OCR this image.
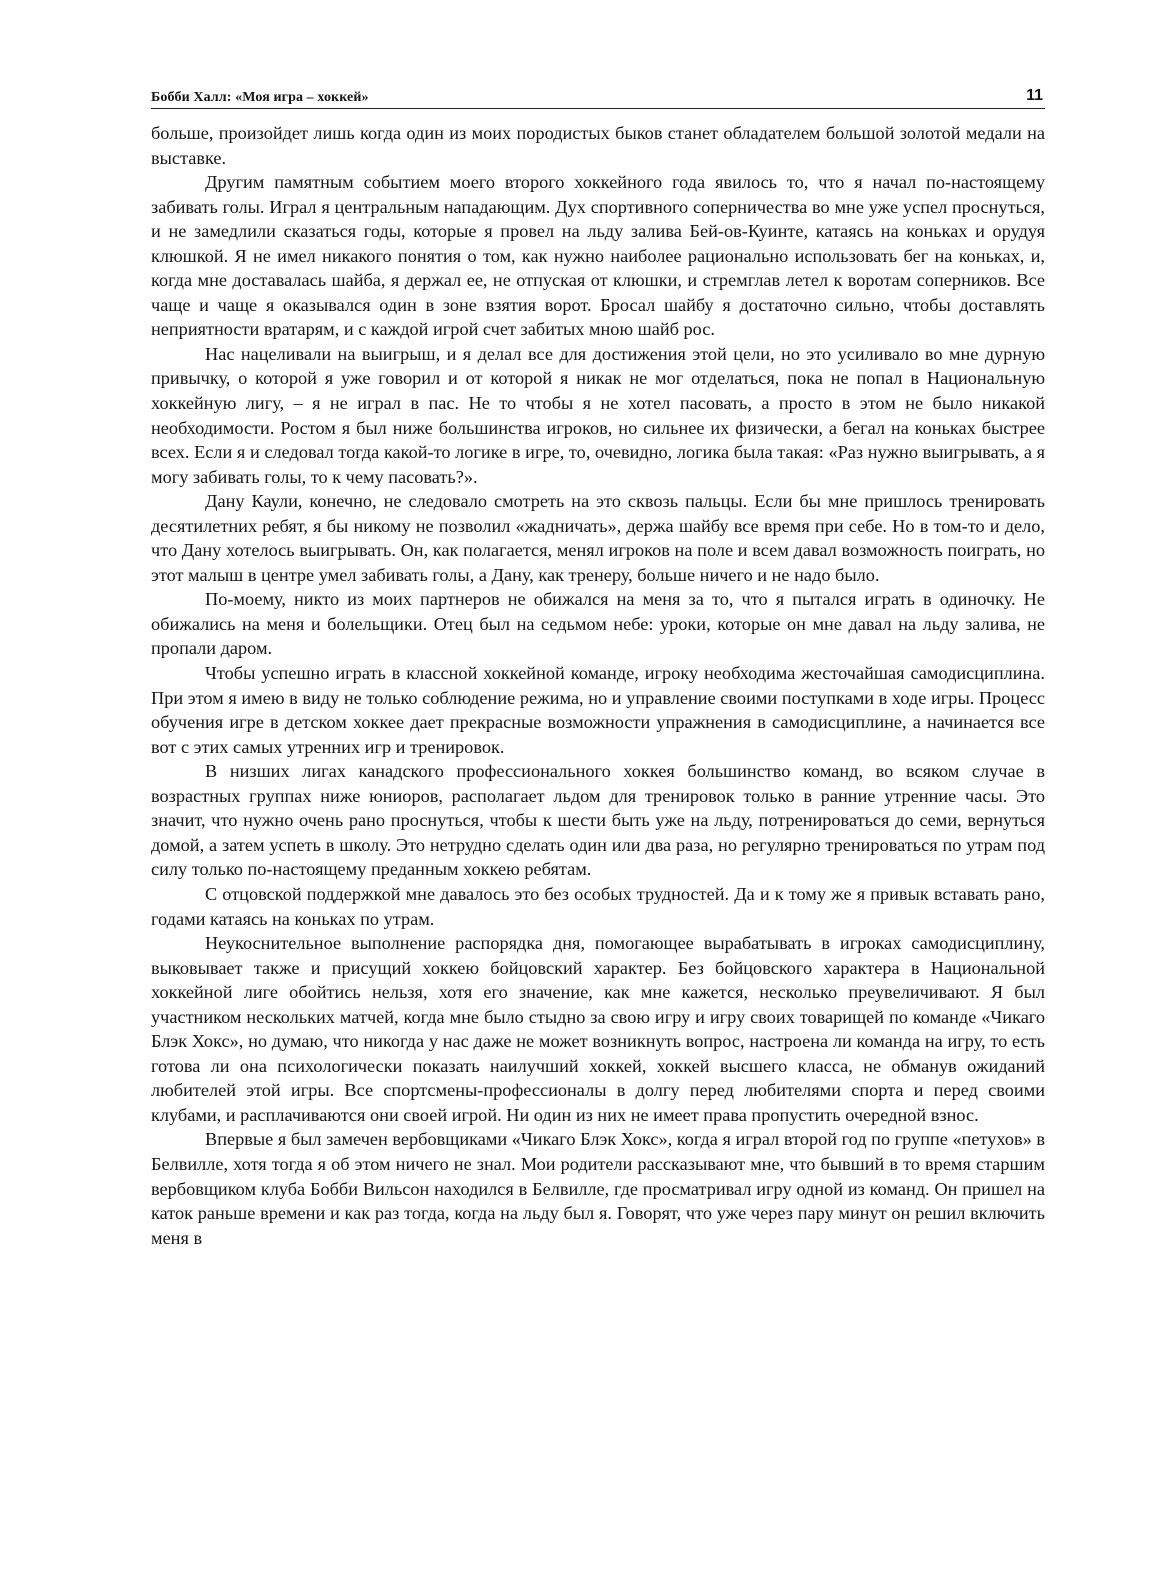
Бобби Халл: «Моя игра – хоккей»	11

больше, произойдет лишь когда один из моих породистых быков станет обладателем большой золотой медали на выставке.

Другим памятным событием моего второго хоккейного года явилось то, что я начал по-настоящему забивать голы. Играл я центральным нападающим. Дух спортивного соперничества во мне уже успел проснуться, и не замедлили сказаться годы, которые я провел на льду залива Бей-ов-Куинте, катаясь на коньках и орудуя клюшкой. Я не имел никакого понятия о том, как нужно наиболее рационально использовать бег на коньках, и, когда мне доставалась шайба, я держал ее, не отпуская от клюшки, и стремглав летел к воротам соперников. Все чаще и чаще я оказывался один в зоне взятия ворот. Бросал шайбу я достаточно сильно, чтобы доставлять неприятности вратарям, и с каждой игрой счет забитых мною шайб рос.

Нас нацеливали на выигрыш, и я делал все для достижения этой цели, но это усиливало во мне дурную привычку, о которой я уже говорил и от которой я никак не мог отделаться, пока не попал в Национальную хоккейную лигу, – я не играл в пас. Не то чтобы я не хотел пасовать, а просто в этом не было никакой необходимости. Ростом я был ниже большинства игроков, но сильнее их физически, а бегал на коньках быстрее всех. Если я и следовал тогда какой-то логике в игре, то, очевидно, логика была такая: «Раз нужно выигрывать, а я могу забивать голы, то к чему пасовать?».

Дану Каули, конечно, не следовало смотреть на это сквозь пальцы. Если бы мне пришлось тренировать десятилетних ребят, я бы никому не позволил «жадничать», держа шайбу все время при себе. Но в том-то и дело, что Дану хотелось выигрывать. Он, как полагается, менял игроков на поле и всем давал возможность поиграть, но этот малыш в центре умел забивать голы, а Дану, как тренеру, больше ничего и не надо было.

По-моему, никто из моих партнеров не обижался на меня за то, что я пытался играть в одиночку. Не обижались на меня и болельщики. Отец был на седьмом небе: уроки, которые он мне давал на льду залива, не пропали даром.

Чтобы успешно играть в классной хоккейной команде, игроку необходима жесточайшая самодисциплина. При этом я имею в виду не только соблюдение режима, но и управление своими поступками в ходе игры. Процесс обучения игре в детском хоккее дает прекрасные возможности упражнения в самодисциплине, а начинается все вот с этих самых утренних игр и тренировок.

В низших лигах канадского профессионального хоккея большинство команд, во всяком случае в возрастных группах ниже юниоров, располагает льдом для тренировок только в ранние утренние часы. Это значит, что нужно очень рано проснуться, чтобы к шести быть уже на льду, потренироваться до семи, вернуться домой, а затем успеть в школу. Это нетрудно сделать один или два раза, но регулярно тренироваться по утрам под силу только по-настоящему преданным хоккею ребятам.

С отцовской поддержкой мне давалось это без особых трудностей. Да и к тому же я привык вставать рано, годами катаясь на коньках по утрам.

Неукоснительное выполнение распорядка дня, помогающее вырабатывать в игроках самодисциплину, выковывает также и присущий хоккею бойцовский характер. Без бойцовского характера в Национальной хоккейной лиге обойтись нельзя, хотя его значение, как мне кажется, несколько преувеличивают. Я был участником нескольких матчей, когда мне было стыдно за свою игру и игру своих товарищей по команде «Чикаго Блэк Хокс», но думаю, что никогда у нас даже не может возникнуть вопрос, настроена ли команда на игру, то есть готова ли она психологически показать наилучший хоккей, хоккей высшего класса, не обманув ожиданий любителей этой игры. Все спортсмены-профессионалы в долгу перед любителями спорта и перед своими клубами, и расплачиваются они своей игрой. Ни один из них не имеет права пропустить очередной взнос.

Впервые я был замечен вербовщиками «Чикаго Блэк Хокс», когда я играл второй год по группе «петухов» в Белвилле, хотя тогда я об этом ничего не знал. Мои родители рассказывают мне, что бывший в то время старшим вербовщиком клуба Бобби Вильсон находился в Белвилле, где просматривал игру одной из команд. Он пришел на каток раньше времени и как раз тогда, когда на льду был я. Говорят, что уже через пару минут он решил включить меня в
